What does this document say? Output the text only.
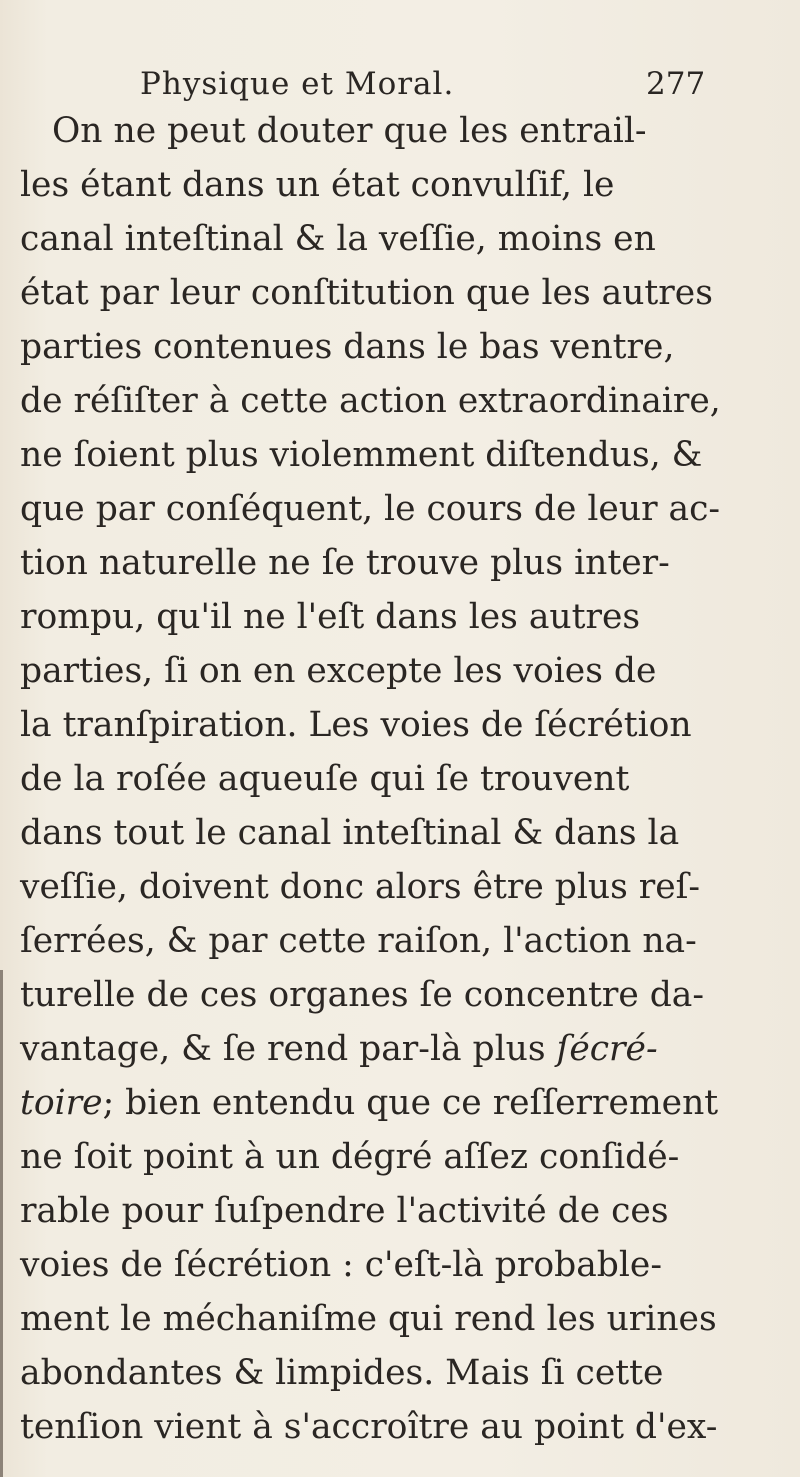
Physique et Moral.	277
On ne peut douter que les entrail-
les étant dans un état convulſif, le
canal inteſtinal & la veſſie, moins en
état par leur conſtitution que les autres
parties contenues dans le bas ventre,
de réſiſter à cette action extraordinaire,
ne ſoient plus violemment diſtendus, &
que par conſéquent, le cours de leur ac-
tion naturelle ne ſe trouve plus inter-
rompu, qu'il ne l'eſt dans les autres
parties, ſi on en excepte les voies de
la tranſpiration. Les voies de ſécrétion
de la roſée aqueuſe qui ſe trouvent
dans tout le canal inteſtinal & dans la
veſſie, doivent donc alors être plus reſ-
ſerrées, & par cette raiſon, l'action na-
turelle de ces organes ſe concentre da-
vantage, & ſe rend par-là plus ſécré-
toire; bien entendu que ce reſſerrement
ne ſoit point à un dégré aſſez conſidé-
rable pour ſuſpendre l'activité de ces
voies de ſécrétion : c'eſt-là probable-
ment le méchaniſme qui rend les urines
abondantes & limpides. Mais ſi cette
tenſion vient à s'accroître au point d'ex-
